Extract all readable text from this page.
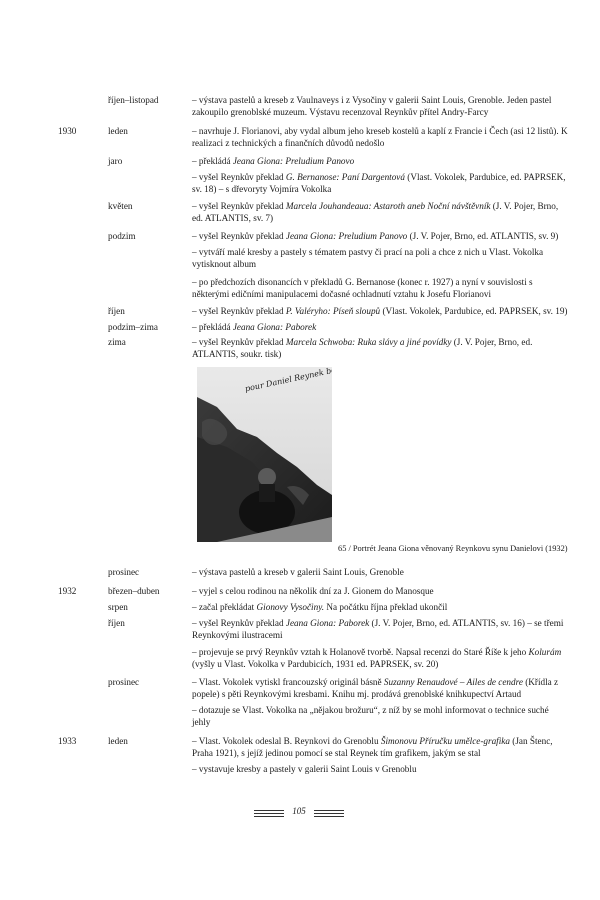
říjen–listopad	– výstava pastelů a kreseb z Vaulnaveys i z Vysočiny v galerii Saint Louis, Grenoble. Jeden pastel zakoupilo grenoblské muzeum. Výstavu recenzoval Reynkův přítel Andry-Farcy
1930	leden	– navrhuje J. Florianovi, aby vydal album jeho kreseb kostelů a kaplí z Francie i Čech (asi 12 listů). K realizaci z technických a finančních důvodů nedošlo
jaro	– překládá Jeana Giona: Preludium Panovo
– vyšel Reynkův překlad G. Bernanose: Paní Dargentová (Vlast. Vokolek, Pardubice, ed. PAPRSEK, sv. 18) – s dřevoryty Vojmíra Vokolka
květen	– vyšel Reynkův překlad Marcela Jouhandeaua: Astaroth aneb Noční návštěvník (J. V. Pojer, Brno, ed. ATLANTIS, sv. 7)
podzim	– vyšel Reynkův překlad Jeana Giona: Preludium Panovo (J. V. Pojer, Brno, ed. ATLANTIS, sv. 9)
– vytváří malé kresby a pastely s tématem pastvy či prací na poli a chce z nich u Vlast. Vokolka vytisknout album
– po předchozích disonancích v překladů G. Bernanose (konec r. 1927) a nyní v souvislosti s některými edičními manipulacemi dočasné ochladnutí vztahu k Josefu Florianovi
říjen	– vyšel Reynkův překlad P. Valéryho: Píseň sloupů (Vlast. Vokolek, Pardubice, ed. PAPRSEK, sv. 19)
podzim–zima	– překládá Jeana Giona: Paborek
zima	– vyšel Reynkův překlad Marcela Schwoba: Ruka slávy a jiné povídky (J. V. Pojer, Brno, ed. ATLANTIS, soukr. tisk)
pour Daniel Reynek bonne
65 / Portrét Jeana Giona věnovaný Reynkovu synu Danielovi (1932)
prosinec	– výstava pastelů a kreseb v galerii Saint Louis, Grenoble
1932	březen–duben	– vyjel s celou rodinou na několik dní za J. Gionem do Manosque
srpen	– začal překládat Gionovy Vysočiny. Na počátku října překlad ukončil
říjen	– vyšel Reynkův překlad Jeana Giona: Paborek (J. V. Pojer, Brno, ed. ATLANTIS, sv. 16) – se třemi Reynkovými ilustracemi
– projevuje se prvý Reynkův vztah k Holanově tvorbě. Napsal recenzi do Staré Říše k jeho Kolurám (vyšly u Vlast. Vokolka v Pardubicích, 1931 ed. PAPRSEK, sv. 20)
prosinec	– Vlast. Vokolek vytiskl francouzský originál básně Suzanny Renaudové – Ailes de cendre (Křídla z popele) s pěti Reynkovými kresbami. Knihu mj. prodává grenoblské knihkupectví Artaud
– dotazuje se Vlast. Vokolka na „nějakou brožuru“, z níž by se mohl informovat o technice suché jehly
1933	leden	– Vlast. Vokolek odeslal B. Reynkovi do Grenoblu Šimonovu Příručku umělce-grafika (Jan Štenc, Praha 1921), s jejíž jedinou pomocí se stal Reynek tím grafikem, jakým se stal
– vystavuje kresby a pastely v galerii Saint Louis v Grenoblu
105
